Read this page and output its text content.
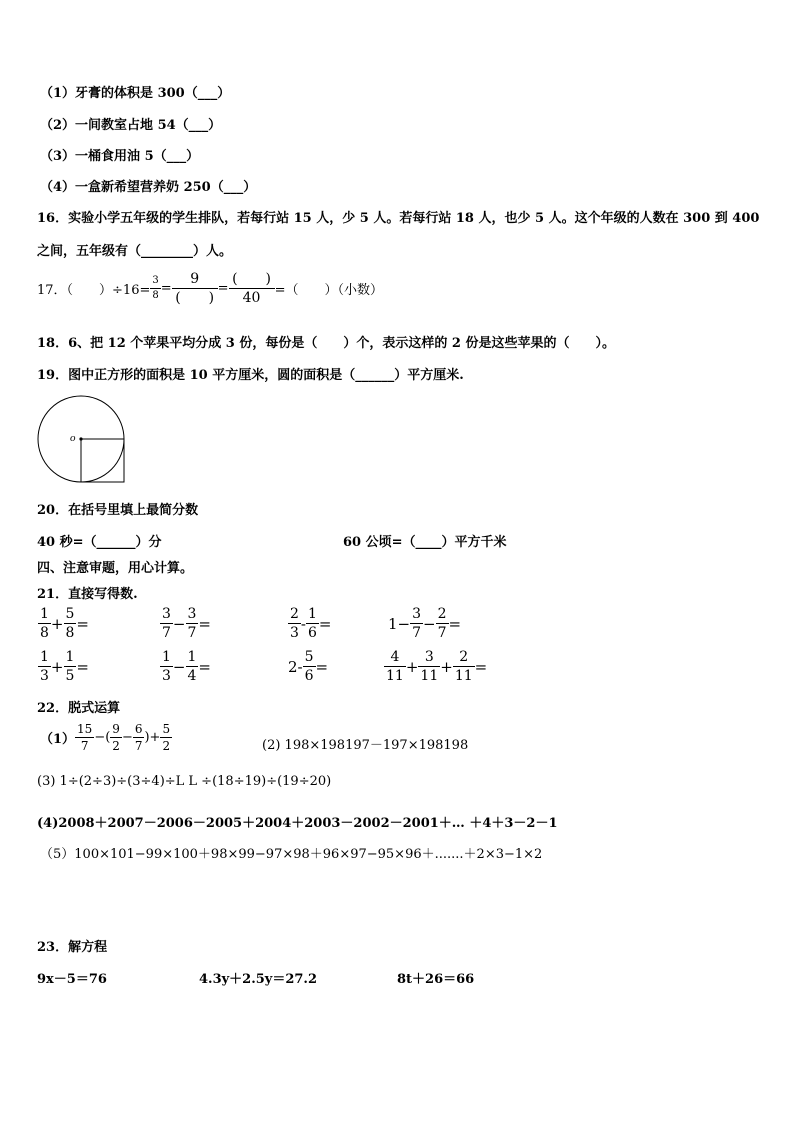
（1）牙膏的体积是 300（___）
（2）一间教室占地 54（___）
（3）一桶食用油 5（___）
（4）一盒新希望营养奶 250（___）
16．实验小学五年级的学生排队，若每行站 15 人，少 5 人。若每行站 18 人，也少 5 人。这个年级的人数在 300 到 400
之间，五年级有（________）人。
17．（　　）$\div 16= \frac{3}{8} = \frac{9}{( )} = \frac{( )}{40}$ =（　　）（小数）
18．6、把 12 个苹果平均分成 3 份，每份是（　　）个，表示这样的 2 份是这些苹果的（　　）。
19．图中正方形的面积是 10 平方厘米，圆的面积是（______）平方厘米.
o
20．在括号里填上最简分数
40 秒=（______）分	60 公顷=（____）平方千米
四、注意审题，用心计算。
21．直接写得数.
$\frac{1}{8} + \frac{5}{8}$ =	$\frac{3}{7} - \frac{3}{7}$ =	$\frac{2}{3} - \frac{1}{6}$ =	$1- \frac{3}{7} - \frac{2}{7}$ =
$\frac{1}{3} + \frac{1}{5}$ =	$\frac{1}{3} - \frac{1}{4}$ =	$2- \frac{5}{6}$ =	$\frac{4}{11} + \frac{3}{11} + \frac{2}{11}$ =
22．脱式运算
$(1) \frac{15}{7}$ −( $\frac{9}{2} - \frac{6}{7}$ )+ $\frac{5}{2}$	(2) 198×198197－197×198198
(3) 1÷(2÷3)÷(3÷4)÷L L ÷(18÷19)÷(19÷20)
(4)2008＋2007－2006－2005＋2004＋2003－2002－2001＋… ＋4＋3－2－1
（5）100×101−99×100＋98×99−97×98＋96×97−95×96＋.......＋2×3−1×2
23．解方程
9x－5＝76	4.3y＋2.5y＝27.2	8t＋26＝66
